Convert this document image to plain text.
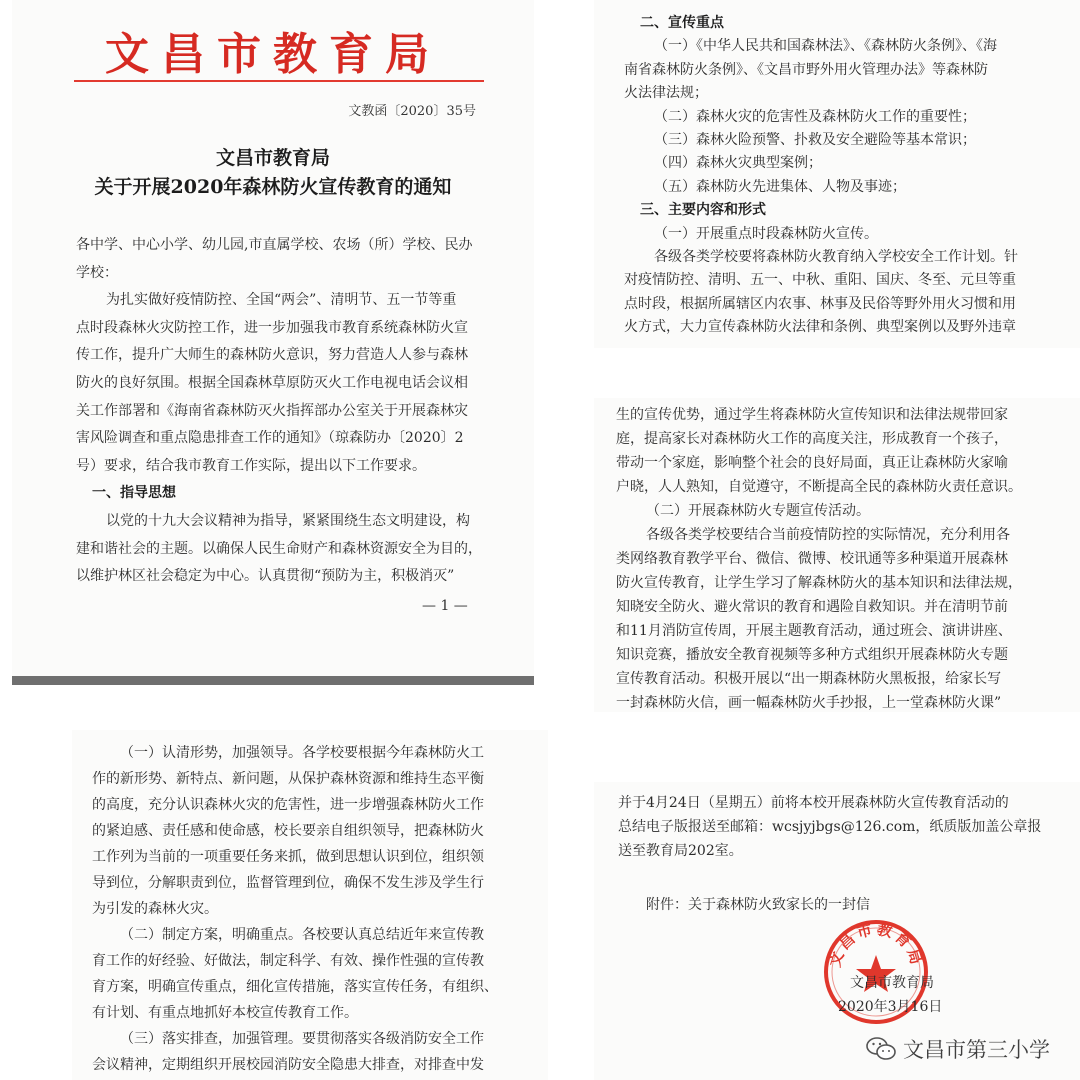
文昌市教育局
文教函〔2020〕35号
文昌市教育局
关于开展2020年森林防火宣传教育的通知
各中学、中心小学、幼儿园,市直属学校、农场（所）学校、民办
学校：
为扎实做好疫情防控、全国“两会”、清明节、五一节等重
点时段森林火灾防控工作，进一步加强我市教育系统森林防火宣
传工作，提升广大师生的森林防火意识，努力营造人人参与森林
防火的良好氛围。根据全国森林草原防灭火工作电视电话会议相
关工作部署和《海南省森林防灭火指挥部办公室关于开展森林灾
害风险调查和重点隐患排查工作的通知》（琼森防办〔2020〕2
号）要求，结合我市教育工作实际，提出以下工作要求。
一、指导思想
以党的十九大会议精神为指导，紧紧围绕生态文明建设，构
建和谐社会的主题。以确保人民生命财产和森林资源安全为目的，
以维护林区社会稳定为中心。认真贯彻“预防为主，积极消灭”
— 1 —
二、宣传重点
（一）《中华人民共和国森林法》、《森林防火条例》、《海
南省森林防火条例》、《文昌市野外用火管理办法》等森林防
火法律法规；
（二）森林火灾的危害性及森林防火工作的重要性；
（三）森林火险预警、扑救及安全避险等基本常识；
（四）森林火灾典型案例；
（五）森林防火先进集体、人物及事迹；
三、主要内容和形式
（一）开展重点时段森林防火宣传。
各级各类学校要将森林防火教育纳入学校安全工作计划。针
对疫情防控、清明、五一、中秋、重阳、国庆、冬至、元旦等重
点时段，根据所属辖区内农事、林事及民俗等野外用火习惯和用
火方式，大力宣传森林防火法律和条例、典型案例以及野外违章
生的宣传优势，通过学生将森林防火宣传知识和法律法规带回家
庭，提高家长对森林防火工作的高度关注，形成教育一个孩子，
带动一个家庭，影响整个社会的良好局面，真正让森林防火家喻
户晓，人人熟知，自觉遵守，不断提高全民的森林防火责任意识。
（二）开展森林防火专题宣传活动。
各级各类学校要结合当前疫情防控的实际情况，充分利用各
类网络教育教学平台、微信、微博、校讯通等多种渠道开展森林
防火宣传教育，让学生学习了解森林防火的基本知识和法律法规，
知晓安全防火、避火常识的教育和遇险自救知识。并在清明节前
和11月消防宣传周，开展主题教育活动，通过班会、演讲讲座、
知识竞赛，播放安全教育视频等多种方式组织开展森林防火专题
宣传教育活动。积极开展以“出一期森林防火黑板报，给家长写
一封森林防火信，画一幅森林防火手抄报，上一堂森林防火课”
（一）认清形势，加强领导。各学校要根据今年森林防火工
作的新形势、新特点、新问题，从保护森林资源和维持生态平衡
的高度，充分认识森林火灾的危害性，进一步增强森林防火工作
的紧迫感、责任感和使命感，校长要亲自组织领导，把森林防火
工作列为当前的一项重要任务来抓，做到思想认识到位，组织领
导到位，分解职责到位，监督管理到位，确保不发生涉及学生行
为引发的森林火灾。
（二）制定方案，明确重点。各校要认真总结近年来宣传教
育工作的好经验、好做法，制定科学、有效、操作性强的宣传教
育方案，明确宣传重点，细化宣传措施，落实宣传任务，有组织、
有计划、有重点地抓好本校宣传教育工作。
（三）落实排查，加强管理。要贯彻落实各级消防安全工作
会议精神，定期组织开展校园消防安全隐患大排查，对排查中发
并于4月24日（星期五）前将本校开展森林防火宣传教育活动的
总结电子版报送至邮箱：wcsjyjbgs@126.com，纸质版加盖公章报
送至教育局202室。
附件：关于森林防火致家长的一封信
文昌市教育局
文昌市教育局
2020年3月16日
文昌市第三小学
